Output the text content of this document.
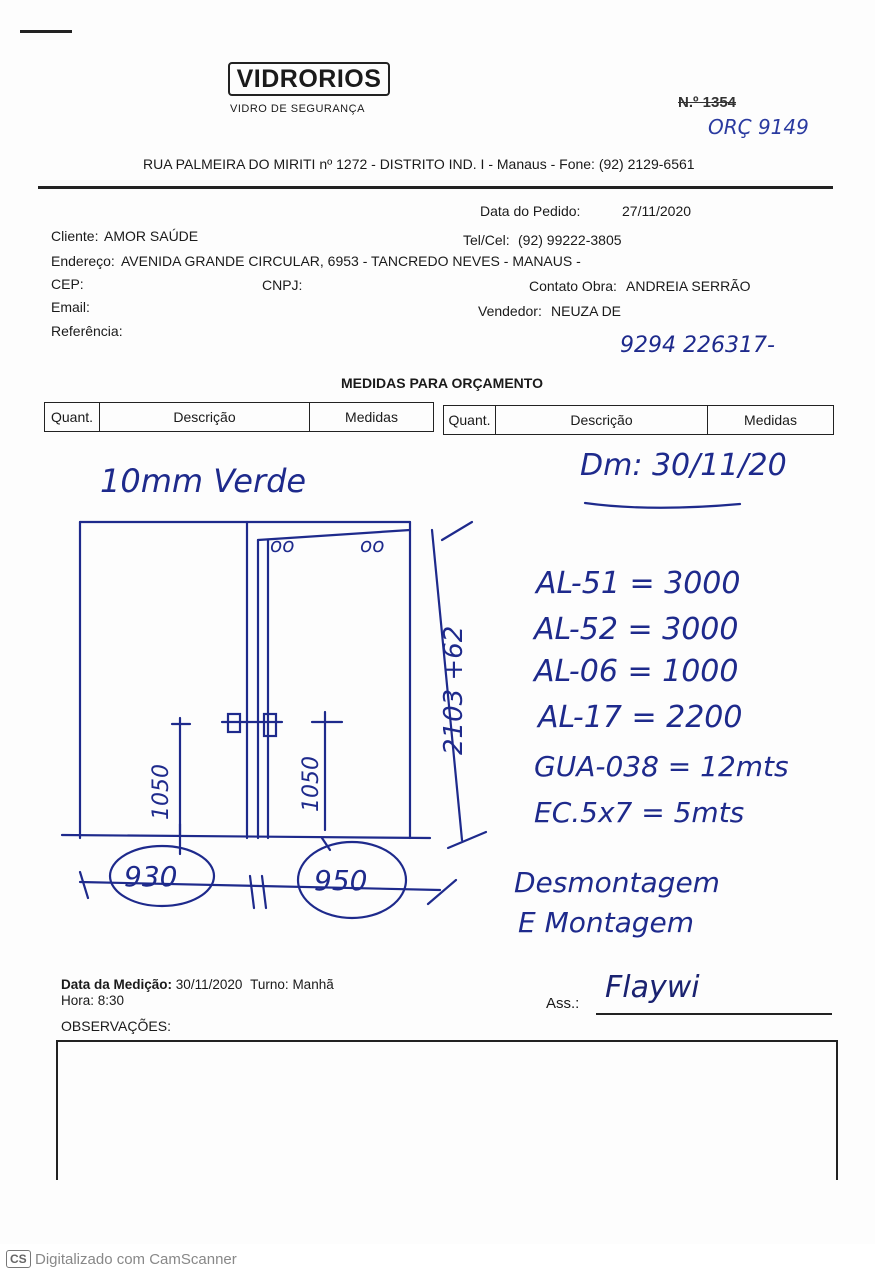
VIDRORIOS
VIDRO DE SEGURANÇA	N.º 1354
ORÇ 9149
RUA PALMEIRA DO MIRITI nº 1272 - DISTRITO IND. I - Manaus - Fone: (92) 2129-6561
Data do Pedido:	27/11/2020
Cliente: AMOR SAÚDE	Tel/Cel: (92) 99222-3805
Endereço: AVENIDA GRANDE CIRCULAR, 6953 - TANCREDO NEVES - MANAUS -
CEP:	CNPJ:	Contato Obra: ANDREIA SERRÃO
Email:	Vendedor: NEUZA DE
Referência:
9294 226317-
MEDIDAS PARA ORÇAMENTO
Quant.	Descrição	Medidas	Quant.	Descrição	Medidas
10mm Verde	Dm: 30/11/20
oo	oo
2103 +62
1050	1050
930	950
AL-51 = 3000
AL-52 = 3000
AL-06 = 1000
AL-17 = 2200
GUA-038 = 12mts
EC.5x7 = 5mts
Desmontagem
E Montagem
Data da Medição: 30/11/2020 Turno: Manhã
Hora: 8:30	Ass.: Flaywi
OBSERVAÇÕES:
CS Digitalizado com CamScanner
